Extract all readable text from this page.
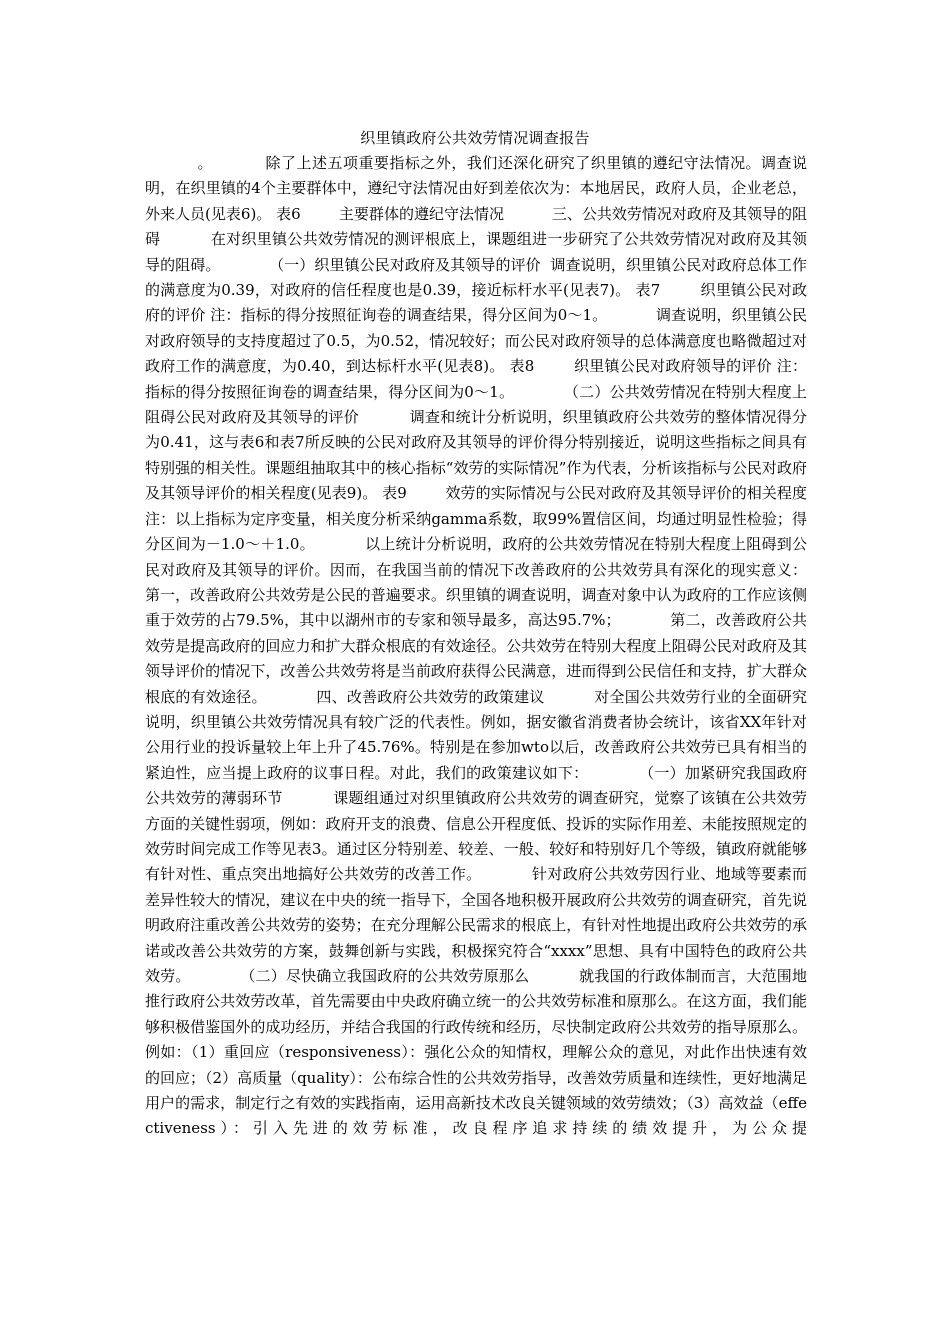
织里镇政府公共效劳情况调查报告

。          除了上述五项重要指标之外，我们还深化研究了织里镇的遵纪守法情况。调查说明，在织里镇的4个主要群体中，遵纪守法情况由好到差依次为：本地居民，政府人员，企业老总，外来人员(见表6)。 表6        主要群体的遵纪守法情况          三、公共效劳情况对政府及其领导的阻碍          在对织里镇公共效劳情况的测评根底上，课题组进一步研究了公共效劳情况对政府及其领导的阻碍。          （一）织里镇公民对政府及其领导的评价  调查说明，织里镇公民对政府总体工作的满意度为0.39，对政府的信任程度也是0.39，接近标杆水平(见表7)。 表7        织里镇公民对政府的评价 注：指标的得分按照征询卷的调查结果，得分区间为0～1。          调查说明，织里镇公民对政府领导的支持度超过了0.5，为0.52，情况较好；而公民对政府领导的总体满意度也略微超过对政府工作的满意度，为0.40，到达标杆水平(见表8)。 表8        织里镇公民对政府领导的评价 注：指标的得分按照征询卷的调查结果，得分区间为0～1。          （二）公共效劳情况在特别大程度上阻碍公民对政府及其领导的评价          调查和统计分析说明，织里镇政府公共效劳的整体情况得分为0.41，这与表6和表7所反映的公民对政府及其领导的评价得分特别接近，说明这些指标之间具有特别强的相关性。课题组抽取其中的核心指标“效劳的实际情况”作为代表，分析该指标与公民对政府及其领导评价的相关程度(见表9)。 表9        效劳的实际情况与公民对政府及其领导评价的相关程度 注：以上指标为定序变量，相关度分析采纳gamma系数，取99%置信区间，均通过明显性检验；得分区间为－1.0～＋1.0。          以上统计分析说明，政府的公共效劳情况在特别大程度上阻碍到公民对政府及其领导的评价。因而，在我国当前的情况下改善政府的公共效劳具有深化的现实意义：          第一，改善政府公共效劳是公民的普遍要求。织里镇的调查说明，调查对象中认为政府的工作应该侧重于效劳的占79.5%，其中以湖州市的专家和领导最多，高达95.7%；          第二，改善政府公共效劳是提高政府的回应力和扩大群众根底的有效途径。公共效劳在特别大程度上阻碍公民对政府及其领导评价的情况下，改善公共效劳将是当前政府获得公民满意，进而得到公民信任和支持，扩大群众根底的有效途径。          四、改善政府公共效劳的政策建议          对全国公共效劳行业的全面研究说明，织里镇公共效劳情况具有较广泛的代表性。例如，据安徽省消费者协会统计，该省XX年针对公用行业的投诉量较上年上升了45.76%。特别是在参加wto以后，改善政府公共效劳已具有相当的紧迫性，应当提上政府的议事日程。对此，我们的政策建议如下：          （一）加紧研究我国政府公共效劳的薄弱环节          课题组通过对织里镇政府公共效劳的调查研究，觉察了该镇在公共效劳方面的关键性弱项，例如：政府开支的浪费、信息公开程度低、投诉的实际作用差、未能按照规定的效劳时间完成工作等见表3。通过区分特别差、较差、一般、较好和特别好几个等级，镇政府就能够有针对性、重点突出地搞好公共效劳的改善工作。          针对政府公共效劳因行业、地域等要素而差异性较大的情况，建议在中央的统一指导下，全国各地积极开展政府公共效劳的调查研究，首先说明政府注重改善公共效劳的姿势；在充分理解公民需求的根底上，有针对性地提出政府公共效劳的承诺或改善公共效劳的方案，鼓舞创新与实践，积极探究符合“xxxx”思想、具有中国特色的政府公共效劳。          （二）尽快确立我国政府的公共效劳原那么          就我国的行政体制而言，大范围地推行政府公共效劳改革，首先需要由中央政府确立统一的公共效劳标准和原那么。在这方面，我们能够积极借鉴国外的成功经历，并结合我国的行政传统和经历，尽快制定政府公共效劳的指导原那么。例如：（1）重回应（responsiveness）：强化公众的知情权，理解公众的意见，对此作出快速有效的回应；（2）高质量（quality）：公布综合性的公共效劳指导，改善效劳质量和连续性，更好地满足用户的需求，制定行之有效的实践指南，运用高新技术改良关键领域的效劳绩效；（3）高效益（effectiveness）：引入先进的效劳标准，改良程序追求持续的绩效提升，为公众提
